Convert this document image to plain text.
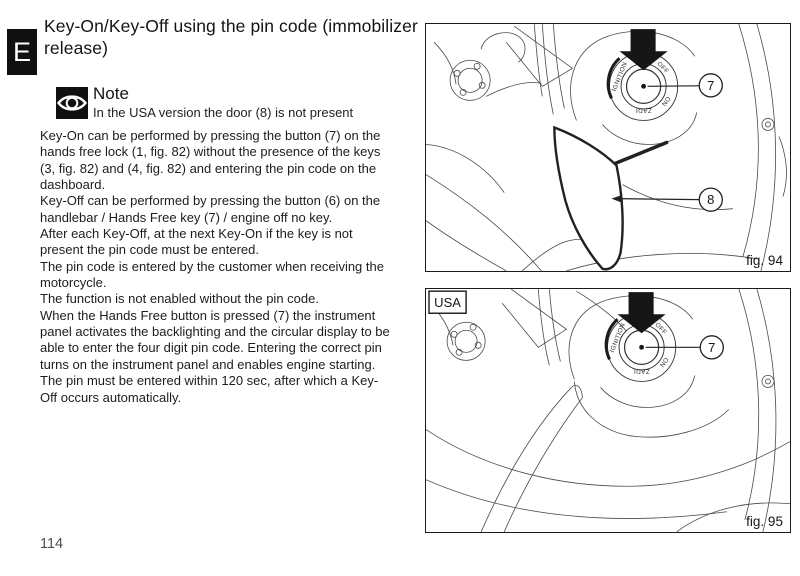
E
Key-On/Key-Off using the pin code (immobilizer
release)
Note
In the USA version the door (8) is not present
Key-On can be performed by pressing the button (7) on the
hands free lock (1, fig. 82) without the presence of the keys
(3, fig. 82) and (4, fig. 82) and entering the pin code on the
dashboard.
Key-Off can be performed by pressing the button (6) on the
handlebar / Hands Free key (7) / engine off no key.
After each Key-Off, at the next Key-On if the key is not
present the pin code must be entered.
The pin code is entered by the customer when receiving the
motorcycle.
The function is not enabled without the pin code.
When the Hands Free button is pressed (7) the instrument
panel activates the backlighting and the circular display to be
able to enter the four digit pin code. Entering the correct pin
turns on the instrument panel and enables engine starting.
The pin must be entered within 120 sec, after which a Key-
Off occurs automatically.
114
IGNITION	OFF
ON
ZADI
7
8
fig. 94
IGNITION	OFF
ON
ZADI
7
USA
fig. 95
